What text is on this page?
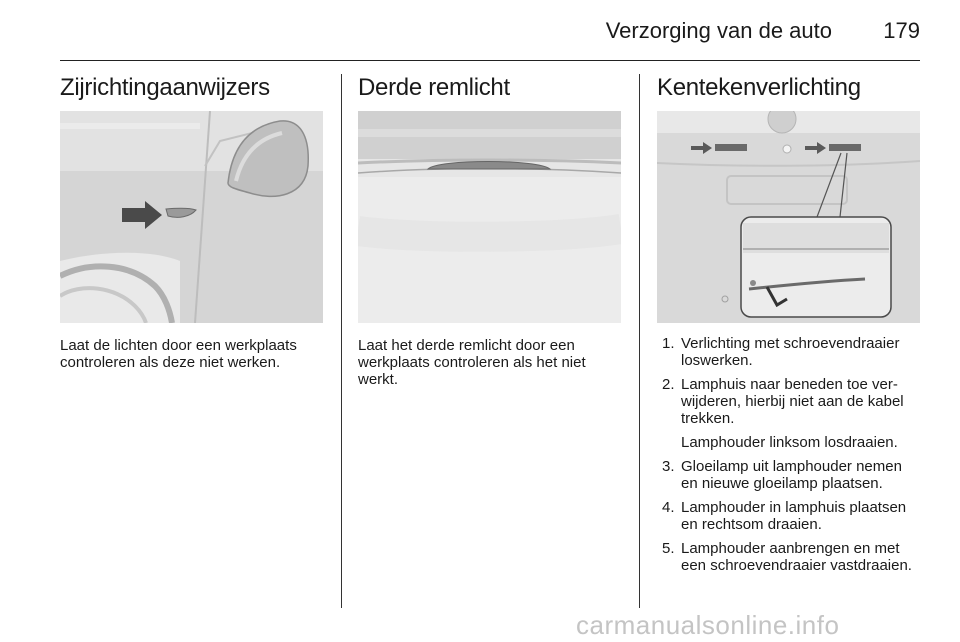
Verzorging van de auto 179
Zijrichtingaanwijzers

Laat de lichten door een werkplaats controleren als deze niet werken.

Derde remlicht

Laat het derde remlicht door een werkplaats controleren als het niet werkt.

Kentekenverlichting
1. Verlichting met schroevendraaier loswerken.
2. Lamphuis naar beneden toe verwijderen, hierbij niet aan de kabel trekken.
Lamphouder linksom losdraaien.
3. Gloeilamp uit lamphouder nemen en nieuwe gloeilamp plaatsen.
4. Lamphouder in lamphuis plaatsen en rechtsom draaien.
5. Lamphouder aanbrengen en met een schroevendraaier vastdraaien.
carmanualsonline.info
